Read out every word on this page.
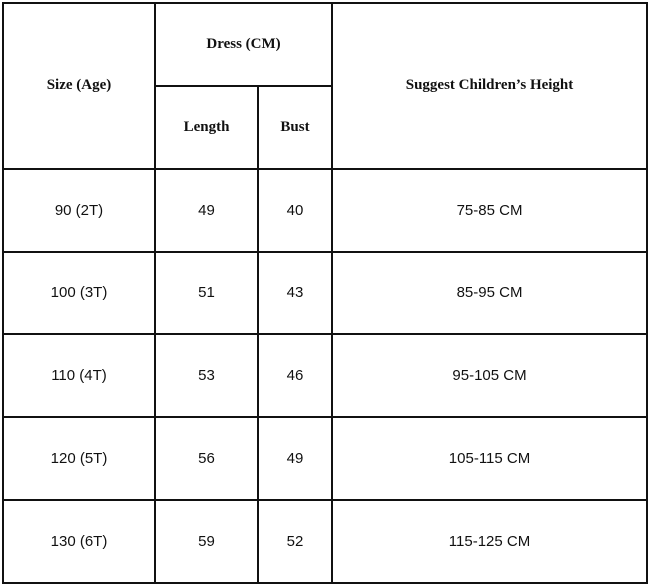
Size (Age)	Dress (CM)		Suggest Children’s Height
	Length	Bust	
90 (2T)	49	40	75-85 CM
100 (3T)	51	43	85-95 CM
110 (4T)	53	46	95-105 CM
120 (5T)	56	49	105-115 CM
130 (6T)	59	52	115-125 CM
